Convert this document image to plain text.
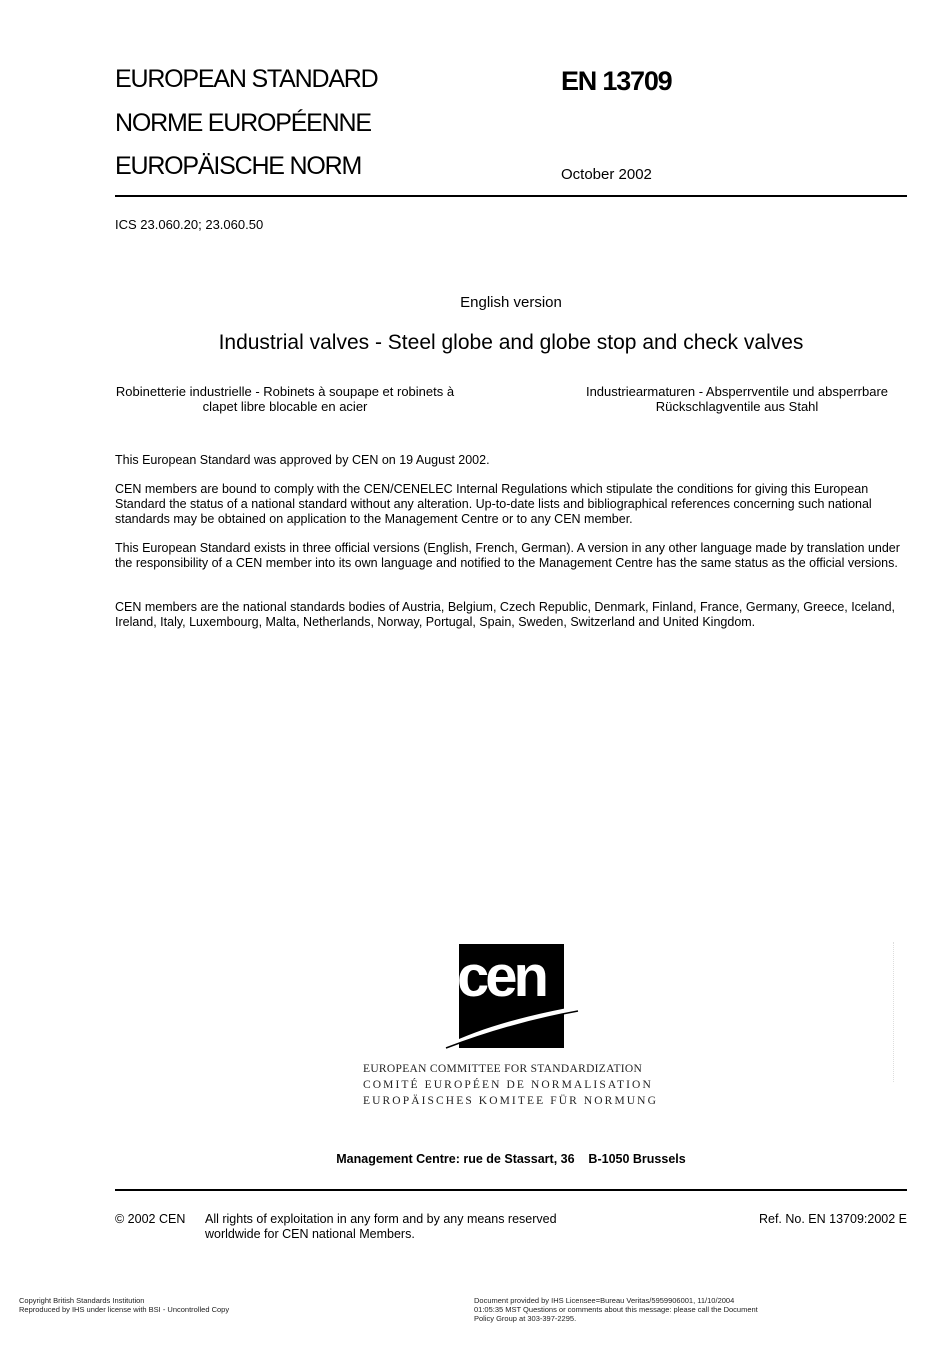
EUROPEAN STANDARD
NORME EUROPÉENNE
EUROPÄISCHE NORM
EN 13709
October 2002
ICS 23.060.20; 23.060.50
English version
Industrial valves - Steel globe and globe stop and check valves
Robinetterie industrielle - Robinets à soupape et robinets à clapet libre blocable en acier
Industriearmaturen - Absperrventile und absperrbare Rückschlagventile aus Stahl
This European Standard was approved by CEN on 19 August 2002.
CEN members are bound to comply with the CEN/CENELEC Internal Regulations which stipulate the conditions for giving this European Standard the status of a national standard without any alteration. Up-to-date lists and bibliographical references concerning such national standards may be obtained on application to the Management Centre or to any CEN member.
This European Standard exists in three official versions (English, French, German). A version in any other language made by translation under the responsibility of a CEN member into its own language and notified to the Management Centre has the same status as the official versions.
CEN members are the national standards bodies of Austria, Belgium, Czech Republic, Denmark, Finland, France, Germany, Greece, Iceland, Ireland, Italy, Luxembourg, Malta, Netherlands, Norway, Portugal, Spain, Sweden, Switzerland and United Kingdom.
cen
EUROPEAN COMMITTEE FOR STANDARDIZATION
COMITÉ EUROPÉEN DE NORMALISATION
EUROPÄISCHES KOMITEE FÜR NORMUNG
Management Centre: rue de Stassart, 36    B-1050 Brussels
© 2002 CEN All rights of exploitation in any form and by any means reserved worldwide for CEN national Members.
Ref. No. EN 13709:2002 E
Copyright British Standards Institution
Reproduced by IHS under license with BSI - Uncontrolled Copy
Document provided by IHS Licensee=Bureau Veritas/5959906001, 11/10/2004
01:05:35 MST Questions or comments about this message: please call the Document
Policy Group at 303-397-2295.
